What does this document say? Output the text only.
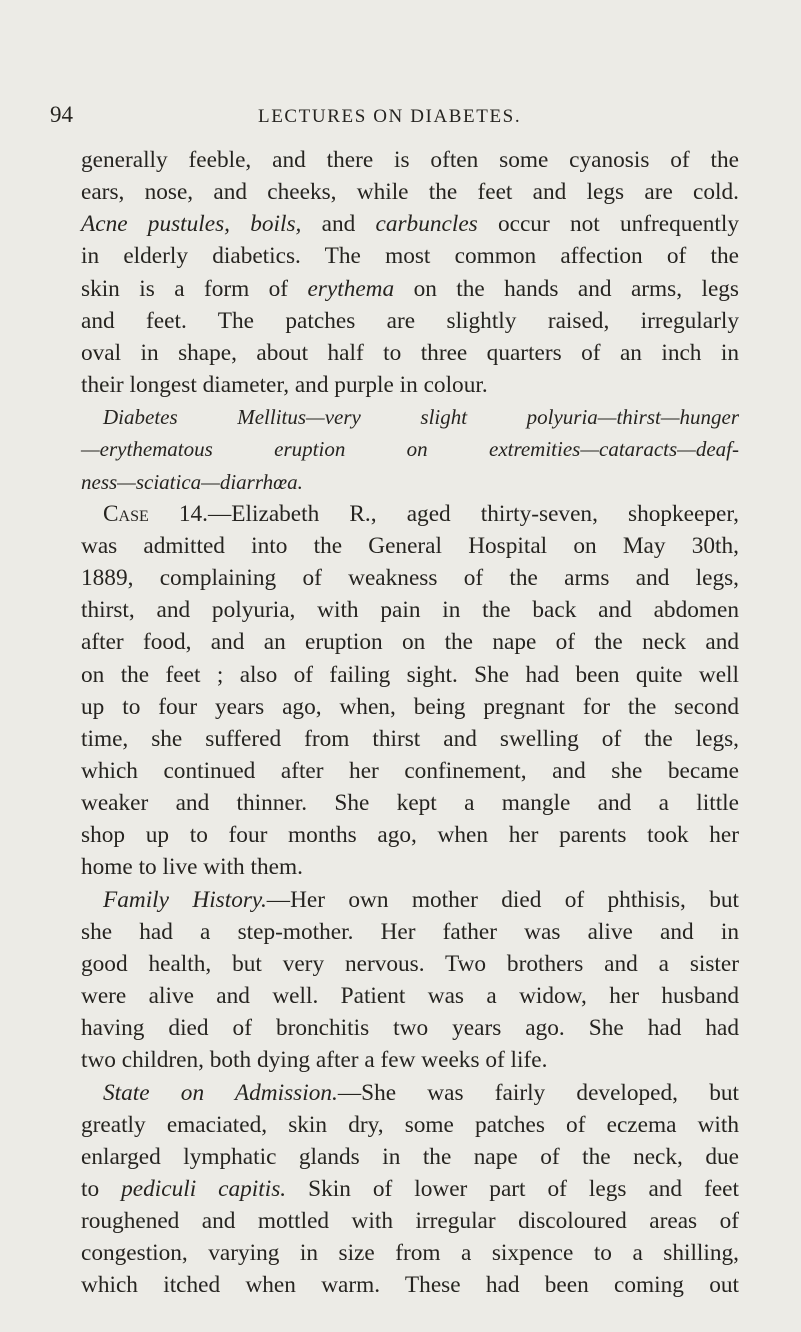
94	LECTURES ON DIABETES.
generally feeble, and there is often some cyanosis of the
ears, nose, and cheeks, while the feet and legs are cold.
Acne pustules, boils, and carbuncles occur not unfrequently
in elderly diabetics. The most common affection of the
skin is a form of erythema on the hands and arms, legs
and feet. The patches are slightly raised, irregularly
oval in shape, about half to three quarters of an inch in
their longest diameter, and purple in colour.
Diabetes Mellitus—very slight polyuria—thirst—hunger
—erythematous eruption on extremities—cataracts—deaf-
ness—sciatica—diarrhœa.
Case 14.—Elizabeth R., aged thirty-seven, shopkeeper,
was admitted into the General Hospital on May 30th,
1889, complaining of weakness of the arms and legs,
thirst, and polyuria, with pain in the back and abdomen
after food, and an eruption on the nape of the neck and
on the feet ; also of failing sight. She had been quite well
up to four years ago, when, being pregnant for the second
time, she suffered from thirst and swelling of the legs,
which continued after her confinement, and she became
weaker and thinner. She kept a mangle and a little
shop up to four months ago, when her parents took her
home to live with them.
Family History.—Her own mother died of phthisis, but
she had a step-mother. Her father was alive and in
good health, but very nervous. Two brothers and a sister
were alive and well. Patient was a widow, her husband
having died of bronchitis two years ago. She had had
two children, both dying after a few weeks of life.
State on Admission.—She was fairly developed, but
greatly emaciated, skin dry, some patches of eczema with
enlarged lymphatic glands in the nape of the neck, due
to pediculi capitis. Skin of lower part of legs and feet
roughened and mottled with irregular discoloured areas of
congestion, varying in size from a sixpence to a shilling,
which itched when warm. These had been coming out
